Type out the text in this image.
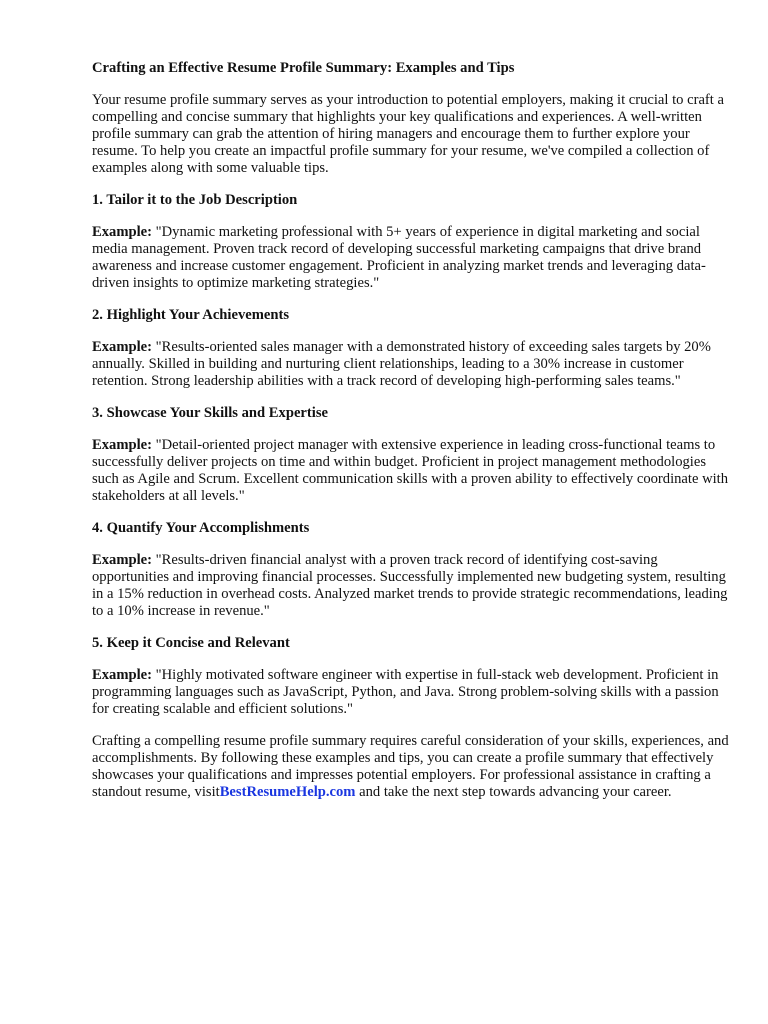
Crafting an Effective Resume Profile Summary: Examples and Tips

Your resume profile summary serves as your introduction to potential employers, making it crucial to craft a compelling and concise summary that highlights your key qualifications and experiences. A well-written profile summary can grab the attention of hiring managers and encourage them to further explore your resume. To help you create an impactful profile summary for your resume, we've compiled a collection of examples along with some valuable tips.

1. Tailor it to the Job Description

Example: "Dynamic marketing professional with 5+ years of experience in digital marketing and social media management. Proven track record of developing successful marketing campaigns that drive brand awareness and increase customer engagement. Proficient in analyzing market trends and leveraging data-driven insights to optimize marketing strategies."

2. Highlight Your Achievements

Example: "Results-oriented sales manager with a demonstrated history of exceeding sales targets by 20% annually. Skilled in building and nurturing client relationships, leading to a 30% increase in customer retention. Strong leadership abilities with a track record of developing high-performing sales teams."

3. Showcase Your Skills and Expertise

Example: "Detail-oriented project manager with extensive experience in leading cross-functional teams to successfully deliver projects on time and within budget. Proficient in project management methodologies such as Agile and Scrum. Excellent communication skills with a proven ability to effectively coordinate with stakeholders at all levels."

4. Quantify Your Accomplishments

Example: "Results-driven financial analyst with a proven track record of identifying cost-saving opportunities and improving financial processes. Successfully implemented new budgeting system, resulting in a 15% reduction in overhead costs. Analyzed market trends to provide strategic recommendations, leading to a 10% increase in revenue."

5. Keep it Concise and Relevant

Example: "Highly motivated software engineer with expertise in full-stack web development. Proficient in programming languages such as JavaScript, Python, and Java. Strong problem-solving skills with a passion for creating scalable and efficient solutions."

Crafting a compelling resume profile summary requires careful consideration of your skills, experiences, and accomplishments. By following these examples and tips, you can create a profile summary that effectively showcases your qualifications and impresses potential employers. For professional assistance in crafting a standout resume, visitBestResumeHelp.com and take the next step towards advancing your career.
